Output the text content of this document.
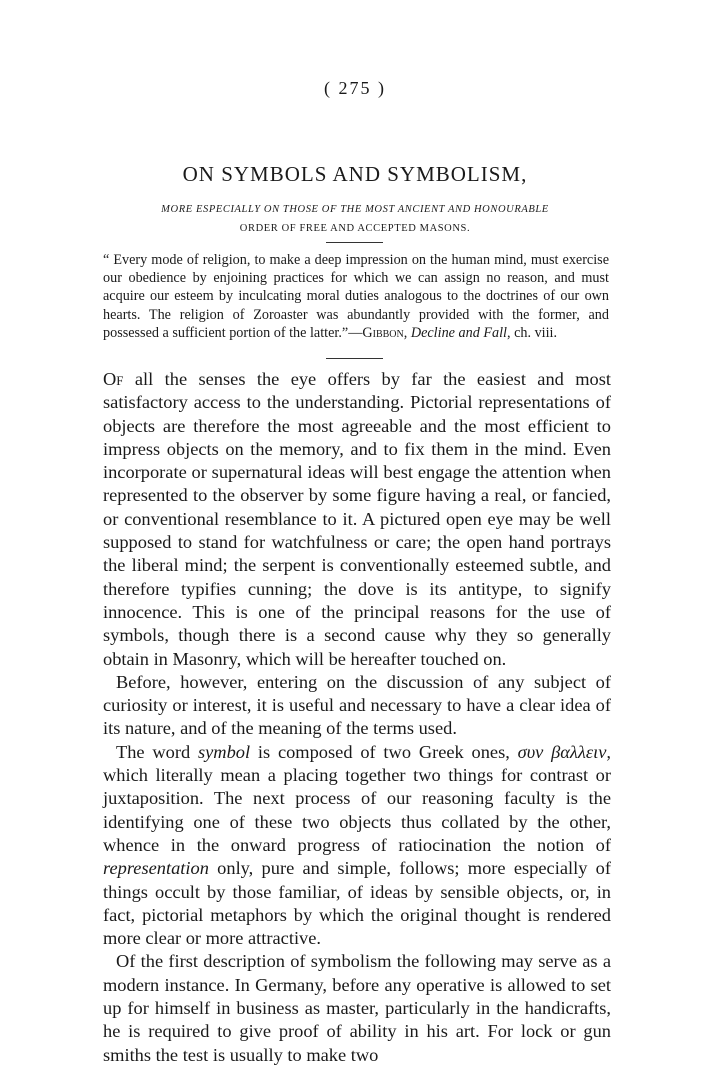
( 275 )
ON SYMBOLS AND SYMBOLISM,
MORE ESPECIALLY ON THOSE OF THE MOST ANCIENT AND HONOURABLE
ORDER OF FREE AND ACCEPTED MASONS.
“ Every mode of religion, to make a deep impression on the human mind, must exercise our obedience by enjoining practices for which we can assign no reason, and must acquire our esteem by inculcating moral duties analogous to the doctrines of our own hearts. The religion of Zoroaster was abundantly provided with the former, and possessed a sufficient portion of the latter.”—Gibbon, Decline and Fall, ch. viii.

Of all the senses the eye offers by far the easiest and most satisfactory access to the understanding. Pictorial representations of objects are therefore the most agreeable and the most efficient to impress objects on the memory, and to fix them in the mind. Even incorporate or supernatural ideas will best engage the attention when represented to the observer by some figure having a real, or fancied, or conventional resemblance to it. A pictured open eye may be well supposed to stand for watchfulness or care; the open hand portrays the liberal mind; the serpent is conventionally esteemed subtle, and therefore typifies cunning; the dove is its antitype, to signify innocence. This is one of the principal reasons for the use of symbols, though there is a second cause why they so generally obtain in Masonry, which will be hereafter touched on.

Before, however, entering on the discussion of any subject of curiosity or interest, it is useful and necessary to have a clear idea of its nature, and of the meaning of the terms used.

The word symbol is composed of two Greek ones, συν βαλλειν, which literally mean a placing together two things for contrast or juxtaposition. The next process of our reasoning faculty is the identifying one of these two objects thus collated by the other, whence in the onward progress of ratiocination the notion of representation only, pure and simple, follows; more especially of things occult by those familiar, of ideas by sensible objects, or, in fact, pictorial metaphors by which the original thought is rendered more clear or more attractive.

Of the first description of symbolism the following may serve as a modern instance. In Germany, before any operative is allowed to set up for himself in business as master, particularly in the handicrafts, he is required to give proof of ability in his art. For lock or gun smiths the test is usually to make two
